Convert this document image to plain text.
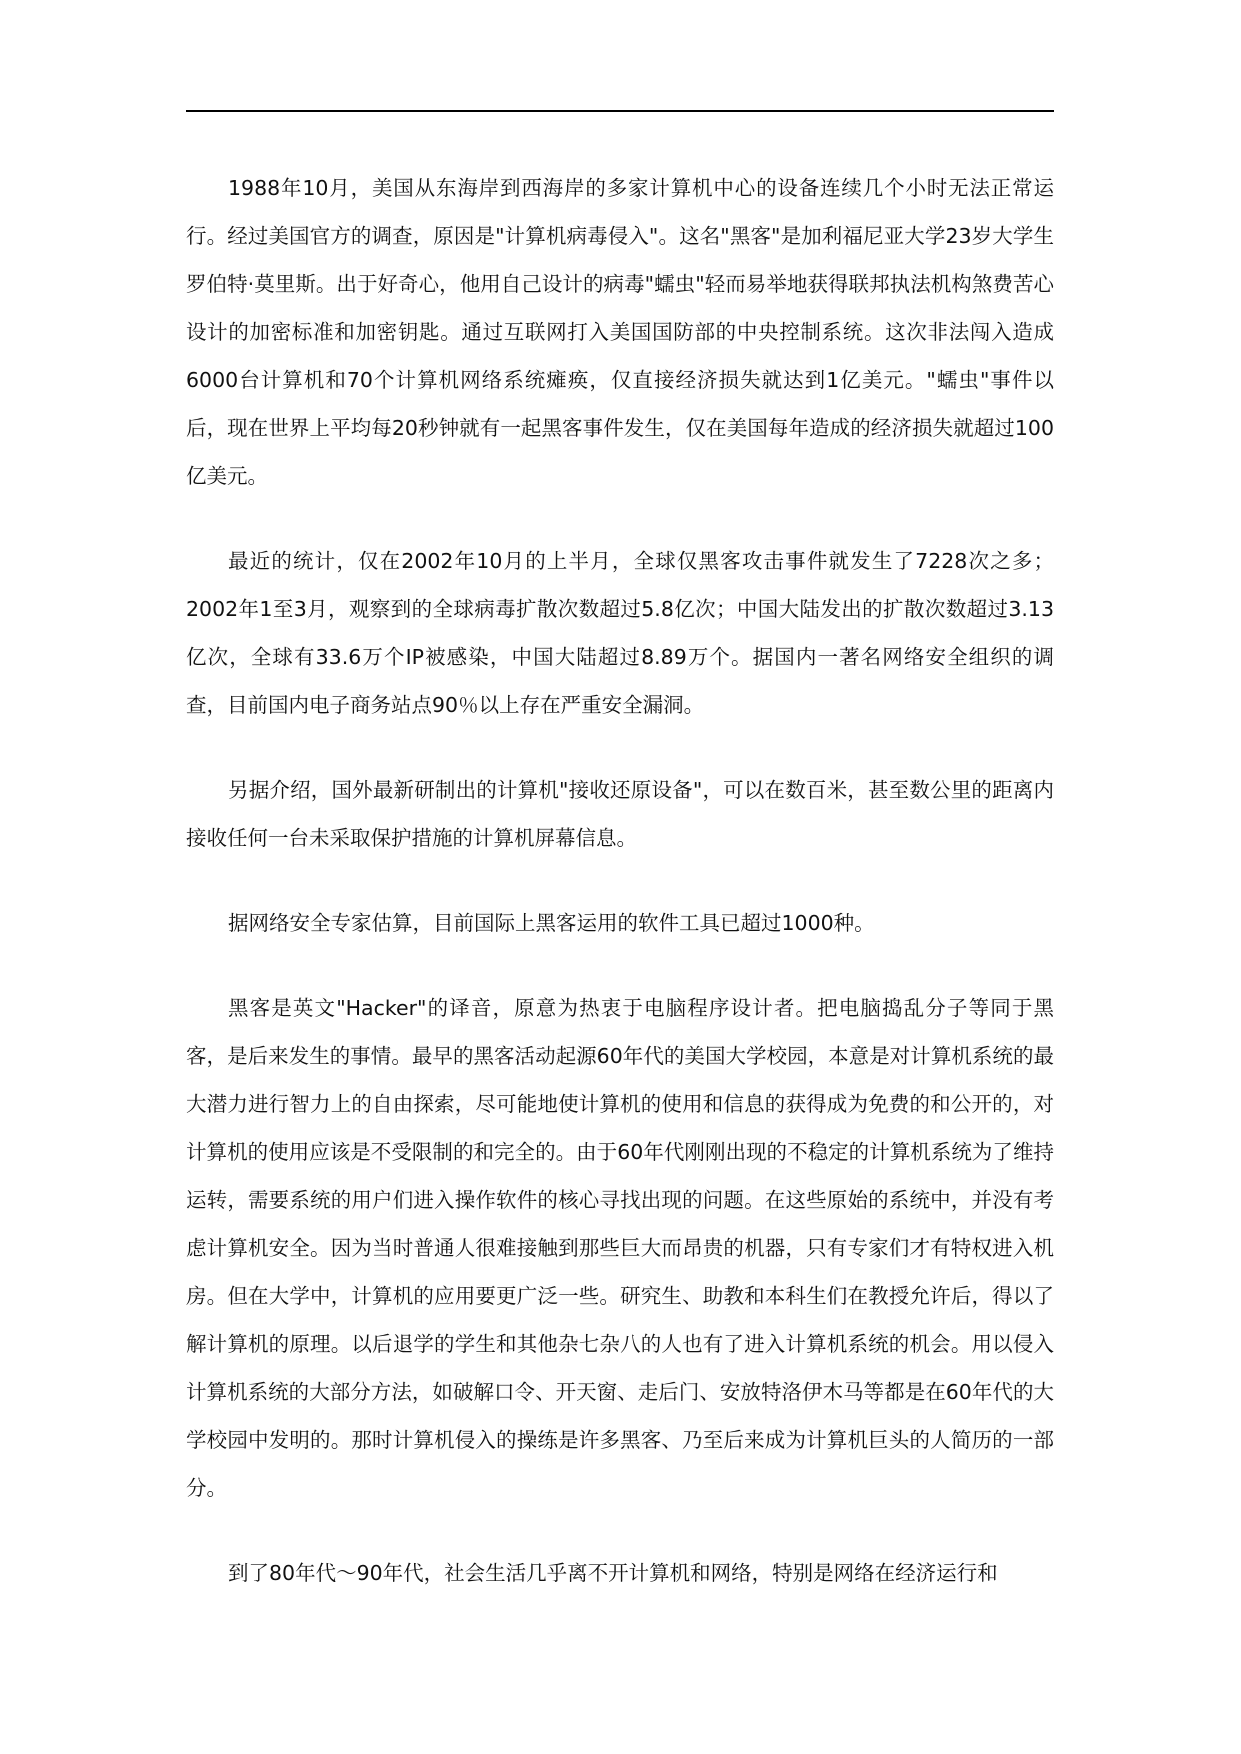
1988年10月，美国从东海岸到西海岸的多家计算机中心的设备连续几个小时无法正常运行。经过美国官方的调查，原因是"计算机病毒侵入"。这名"黑客"是加利福尼亚大学23岁大学生罗伯特·莫里斯。出于好奇心，他用自己设计的病毒"蠕虫"轻而易举地获得联邦执法机构煞费苦心设计的加密标准和加密钥匙。通过互联网打入美国国防部的中央控制系统。这次非法闯入造成6000台计算机和70个计算机网络系统瘫痪，仅直接经济损失就达到1亿美元。"蠕虫"事件以后，现在世界上平均每20秒钟就有一起黑客事件发生，仅在美国每年造成的经济损失就超过100亿美元。

最近的统计，仅在2002年10月的上半月，全球仅黑客攻击事件就发生了7228次之多；2002年1至3月，观察到的全球病毒扩散次数超过5.8亿次；中国大陆发出的扩散次数超过3.13亿次，全球有33.6万个IP被感染，中国大陆超过8.89万个。据国内一著名网络安全组织的调查，目前国内电子商务站点90％以上存在严重安全漏洞。

另据介绍，国外最新研制出的计算机"接收还原设备"，可以在数百米，甚至数公里的距离内接收任何一台未采取保护措施的计算机屏幕信息。

据网络安全专家估算，目前国际上黑客运用的软件工具已超过1000种。

黑客是英文"Hacker"的译音，原意为热衷于电脑程序设计者。把电脑捣乱分子等同于黑客，是后来发生的事情。最早的黑客活动起源60年代的美国大学校园，本意是对计算机系统的最大潜力进行智力上的自由探索，尽可能地使计算机的使用和信息的获得成为免费的和公开的，对计算机的使用应该是不受限制的和完全的。由于60年代刚刚出现的不稳定的计算机系统为了维持运转，需要系统的用户们进入操作软件的核心寻找出现的问题。在这些原始的系统中，并没有考虑计算机安全。因为当时普通人很难接触到那些巨大而昂贵的机器，只有专家们才有特权进入机房。但在大学中，计算机的应用要更广泛一些。研究生、助教和本科生们在教授允许后，得以了解计算机的原理。以后退学的学生和其他杂七杂八的人也有了进入计算机系统的机会。用以侵入计算机系统的大部分方法，如破解口令、开天窗、走后门、安放特洛伊木马等都是在60年代的大学校园中发明的。那时计算机侵入的操练是许多黑客、乃至后来成为计算机巨头的人简历的一部分。

到了80年代～90年代，社会生活几乎离不开计算机和网络，特别是网络在经济运行和
